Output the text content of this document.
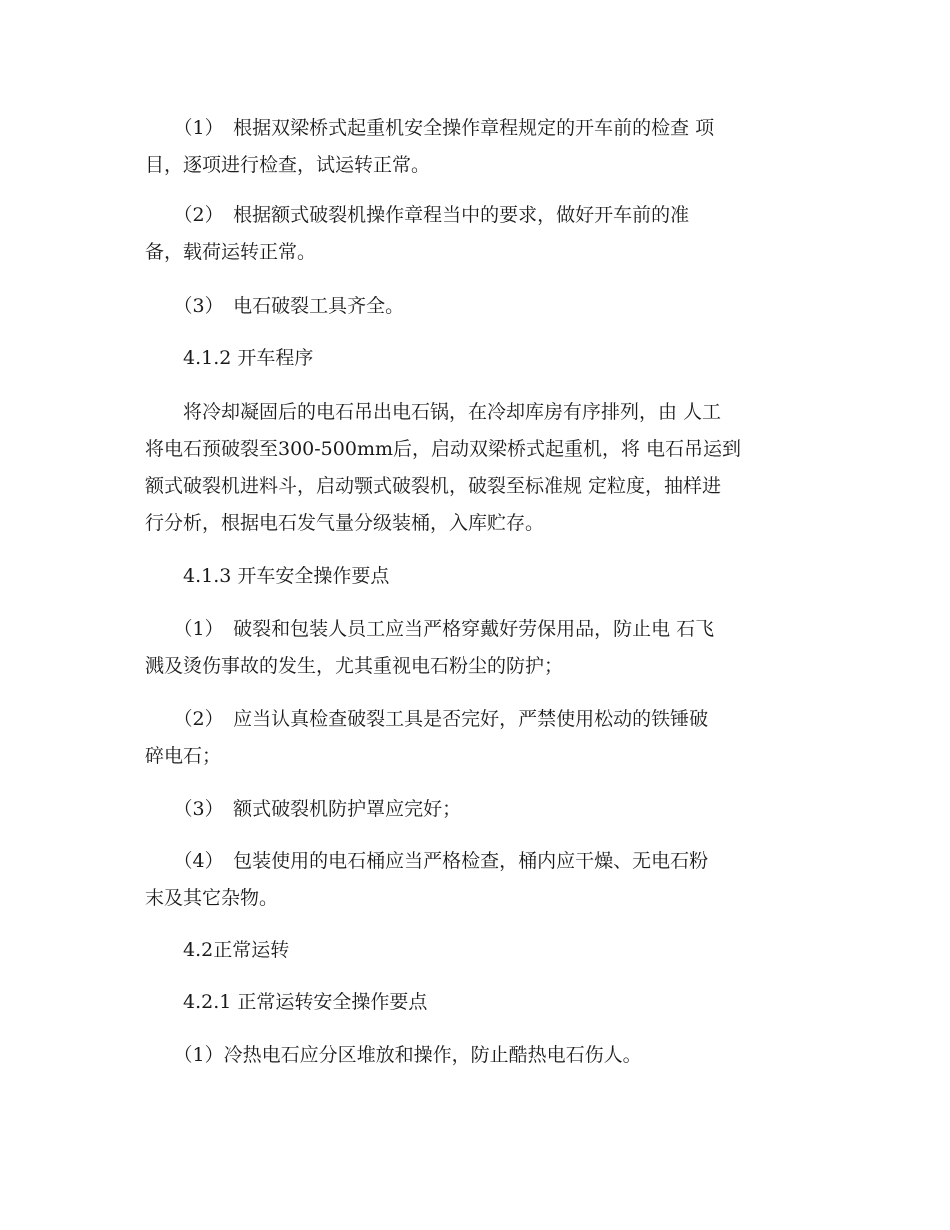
　　（1）　根据双梁桥式起重机安全操作章程规定的开车前的检查 项
目，逐项进行检查，试运转正常。
　　（2）　根据额式破裂机操作章程当中的要求，做好开车前的准
备，载荷运转正常。
　　（3）　电石破裂工具齐全。
　　4.1.2 开车程序
　　将冷却凝固后的电石吊出电石锅，在冷却库房有序排列，由 人工
将电石预破裂至300-500mm后，启动双梁桥式起重机，将 电石吊运到
额式破裂机进料斗，启动颚式破裂机，破裂至标准规 定粒度，抽样进
行分析，根据电石发气量分级装桶，入库贮存。
　　4.1.3 开车安全操作要点
　　（1）　破裂和包装人员工应当严格穿戴好劳保用品，防止电 石飞
溅及烫伤事故的发生，尤其重视电石粉尘的防护；
　　（2）　应当认真检查破裂工具是否完好，严禁使用松动的铁锤破
碎电石；
　　（3）　额式破裂机防护罩应完好；
　　（4）　包装使用的电石桶应当严格检查，桶内应干燥、无电石粉
末及其它杂物。
　　4.2正常运转
　　4.2.1 正常运转安全操作要点
　　（1）冷热电石应分区堆放和操作，防止酷热电石伤人。
